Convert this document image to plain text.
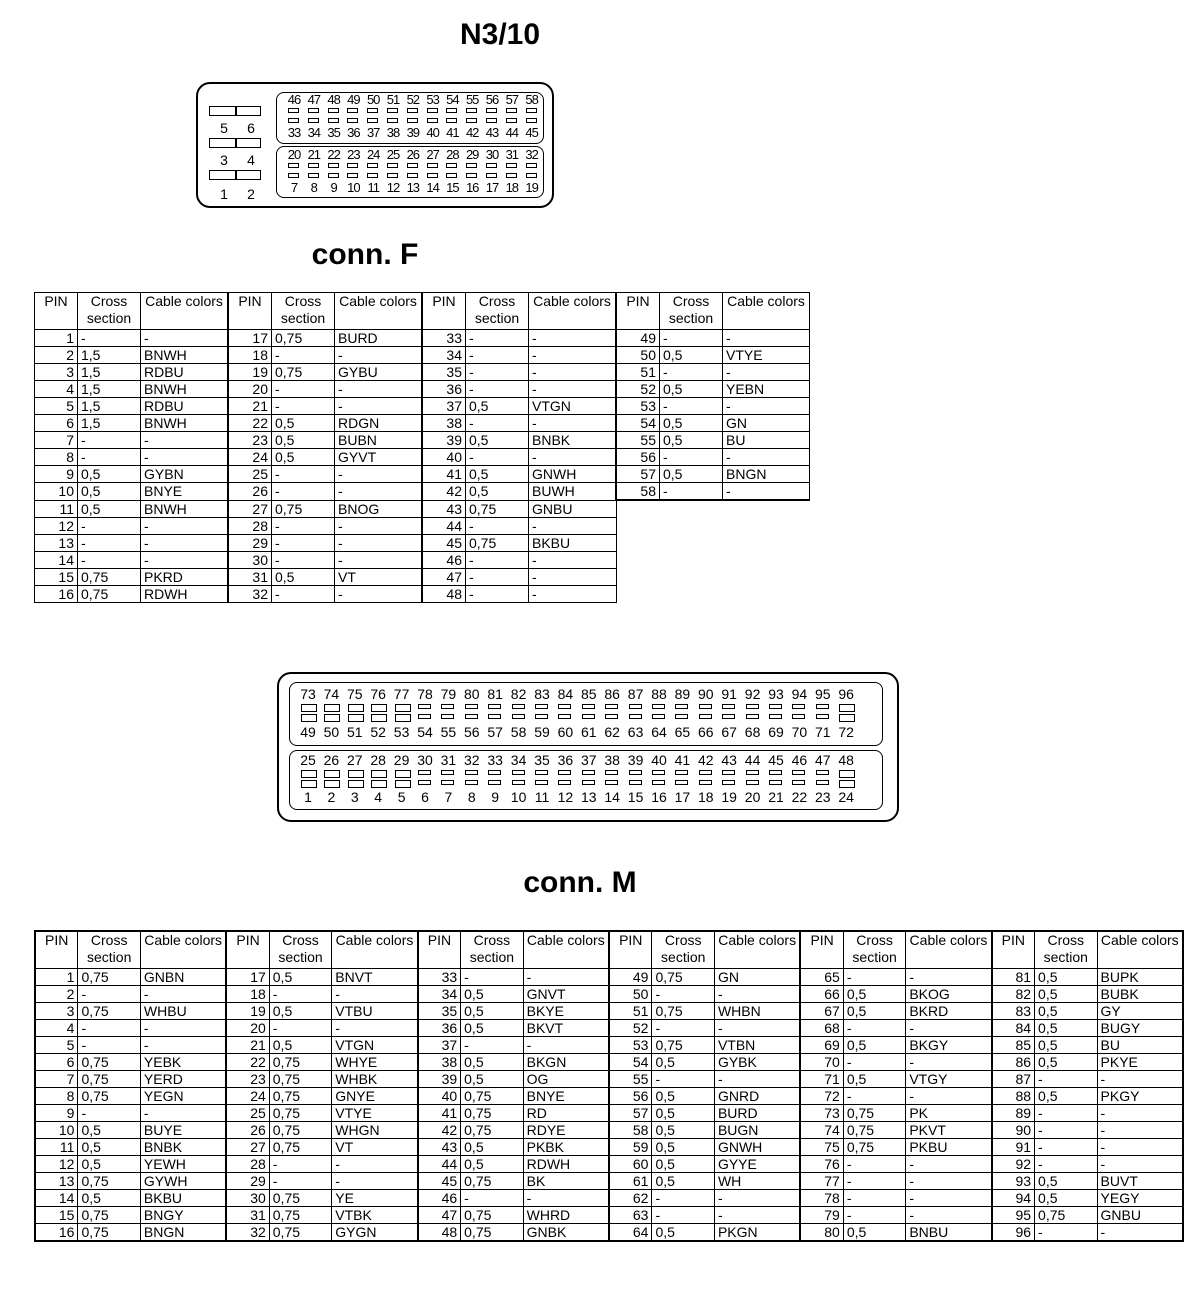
N3/10
5	6
3	4
1	2
46 47 48 49 50 51 52 53 54 55 56 57 58
33 34 35 36 37 38 39 40 41 42 43 44 45
20 21 22 23 24 25 26 27 28 29 30 31 32
7	8	9 10 11 12 13 14 15 16 17 18 19
conn. F
PIN	Cross section	Cable colors	PIN	Cross section	Cable colors	PIN	Cross section	Cable colors	PIN	Cross section	Cable colors
1	-	-	17	0,75	BURD	33	-	-	49	-	-
2	1,5	BNWH	18	-	-	34	-	-	50	0,5	VTYE
3	1,5	RDBU	19	0,75	GYBU	35	-	-	51	-	-
4	1,5	BNWH	20	-	-	36	-	-	52	0,5	YEBN
5	1,5	RDBU	21	-	-	37	0,5	VTGN	53	-	-
6	1,5	BNWH	22	0,5	RDGN	38	-	-	54	0,5	GN
7	-	-	23	0,5	BUBN	39	0,5	BNBK	55	0,5	BU
8	-	-	24	0,5	GYVT	40	-	-	56	-	-
9	0,5	GYBN	25	-	-	41	0,5	GNWH	57	0,5	BNGN
10	0,5	BNYE	26	-	-	42	0,5	BUWH	58	-	-
11	0,5	BNWH	27	0,75	BNOG	43	0,75	GNBU			
12	-	-	28	-	-	44	-	-			
13	-	-	29	-	-	45	0,75	BKBU			
14	-	-	30	-	-	46	-	-			
15	0,75	PKRD	31	0,5	VT	47	-	-			
16	0,75	RDWH	32	-	-	48	-	-			
73 74 75 76 77 78 79 80 81 82 83 84 85 86 87 88 89 90 91 92 93 94 95 96
49 50 51 52 53 54 55 56 57 58 59 60 61 62 63 64 65 66 67 68 69 70 71 72
25 26 27 28 29 30 31 32 33 34 35 36 37 38 39 40 41 42 43 44 45 46 47 48
1	2	3	4	5	6	7	8	9 10 11 12 13 14 15 16 17 18 19 20 21 22 23 24
conn. M
PIN	Cross section	Cable colors	PIN	Cross section	Cable colors	PIN	Cross section	Cable colors	PIN	Cross section	Cable colors	PIN	Cross section	Cable colors	PIN	Cross section	Cable colors
1	0,75	GNBN	17	0,5	BNVT	33	-	-	49	0,75	GN	65	-	-	81	0,5	BUPK
2	-	-	18	-	-	34	0,5	GNVT	50	-	-	66	0,5	BKOG	82	0,5	BUBK
3	0,75	WHBU	19	0,5	VTBU	35	0,5	BKYE	51	0,75	WHBN	67	0,5	BKRD	83	0,5	GY
4	-	-	20	-	-	36	0,5	BKVT	52	-	-	68	-	-	84	0,5	BUGY
5	-	-	21	0,5	VTGN	37	-	-	53	0,75	VTBN	69	0,5	BKGY	85	0,5	BU
6	0,75	YEBK	22	0,75	WHYE	38	0,5	BKGN	54	0,5	GYBK	70	-	-	86	0,5	PKYE
7	0,75	YERD	23	0,75	WHBK	39	0,5	OG	55	-	-	71	0,5	VTGY	87	-	-
8	0,75	YEGN	24	0,75	GNYE	40	0,75	BNYE	56	0,5	GNRD	72	-	-	88	0,5	PKGY
9	-	-	25	0,75	VTYE	41	0,75	RD	57	0,5	BURD	73	0,75	PK	89	-	-
10	0,5	BUYE	26	0,75	WHGN	42	0,75	RDYE	58	0,5	BUGN	74	0,75	PKVT	90	-	-
11	0,5	BNBK	27	0,75	VT	43	0,5	PKBK	59	0,5	GNWH	75	0,75	PKBU	91	-	-
12	0,5	YEWH	28	-	-	44	0,5	RDWH	60	0,5	GYYE	76	-	-	92	-	-
13	0,75	GYWH	29	-	-	45	0,75	BK	61	0,5	WH	77	-	-	93	0,5	BUVT
14	0,5	BKBU	30	0,75	YE	46	-	-	62	-	-	78	-	-	94	0,5	YEGY
15	0,75	BNGY	31	0,75	VTBK	47	0,75	WHRD	63	-	-	79	-	-	95	0,75	GNBU
16	0,75	BNGN	32	0,75	GYGN	48	0,75	GNBK	64	0,5	PKGN	80	0,5	BNBU	96	-	-
